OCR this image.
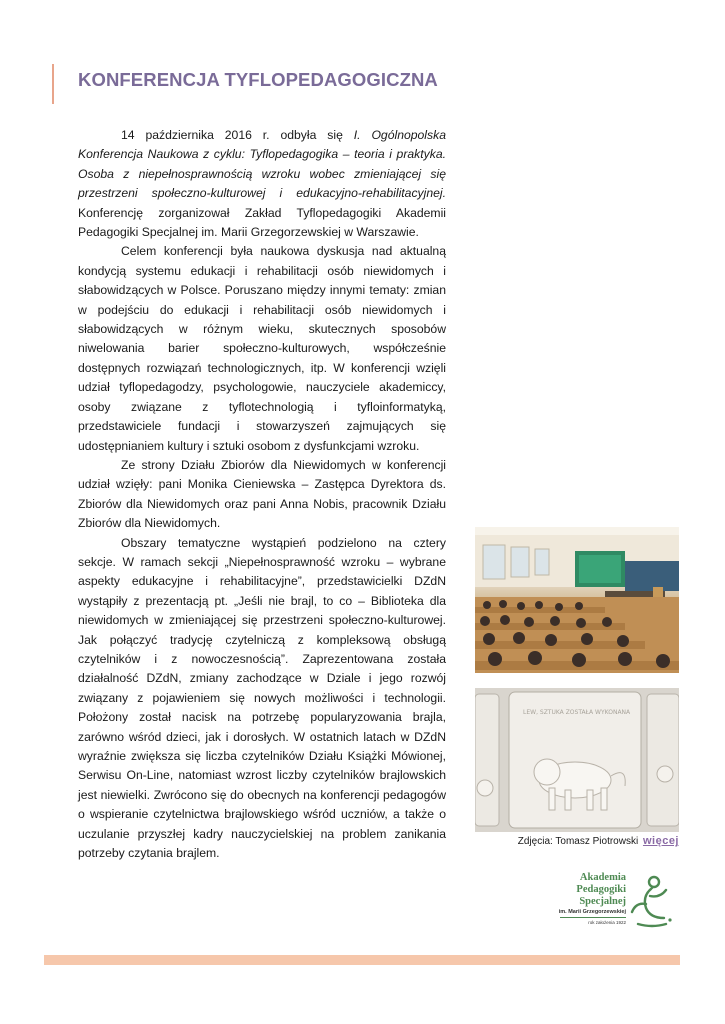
KONFERENCJA TYFLOPEDAGOGICZNA

14 października 2016 r. odbyła się I. Ogólnopolska Konferencja Naukowa z cyklu: Tyflopedagogika – teoria i praktyka. Osoba z niepełnosprawnością wzroku wobec zmieniającej się przestrzeni społeczno-kulturowej i edukacyjno-rehabilitacyjnej. Konferencję zorganizował Zakład Tyflopedagogiki Akademii Pedagogiki Specjalnej im. Marii Grzegorzewskiej w Warszawie.

Celem konferencji była naukowa dyskusja nad aktualną kondycją systemu edukacji i rehabilitacji osób niewidomych i słabowidzących w Polsce. Poruszano między innymi tematy: zmian w podejściu do edukacji i rehabilitacji osób niewidomych i słabowidzących w różnym wieku, skutecznych sposobów niwelowania barier społeczno-kulturowych, współcześnie dostępnych rozwiązań technologicznych, itp. W konferencji wzięli udział tyflopedagodzy, psychologowie, nauczyciele akademiccy, osoby związane z tyflotechnologią i tyfloinformatyką, przedstawiciele fundacji i stowarzyszeń zajmujących się udostępnianiem kultury i sztuki osobom z dysfunkcjami wzroku.

Ze strony Działu Zbiorów dla Niewidomych w konferencji udział wzięły: pani Monika Cieniewska – Zastępca Dyrektora ds. Zbiorów dla Niewidomych oraz pani Anna Nobis, pracownik Działu Zbiorów dla Niewidomych.

Obszary tematyczne wystąpień podzielono na cztery sekcje. W ramach sekcji „Niepełnosprawność wzroku – wybrane aspekty edukacyjne i rehabilitacyjne”, przedstawicielki DZdN wystąpiły z prezentacją pt. „Jeśli nie brajl, to co – Biblioteka dla niewidomych w zmieniającej się przestrzeni społeczno-kulturowej. Jak połączyć tradycję czytelniczą z kompleksową obsługą czytelników i z nowoczesnością”. Zaprezentowana została działalność DZdN, zmiany zachodzące w Dziale i jego rozwój związany z pojawieniem się nowych możliwości i technologii. Położony został nacisk na potrzebę popularyzowania brajla, zarówno wśród dzieci, jak i dorosłych. W ostatnich latach w DZdN wyraźnie zwiększa się liczba czytelników Działu Książki Mówionej, Serwisu On-Line, natomiast wzrost liczby czytelników brajlowskich jest niewielki. Zwrócono się do obecnych na konferencji pedagogów o wspieranie czytelnictwa brajlowskiego wśród uczniów, a także o uczulanie przyszłej kadry nauczycielskiej na problem zanikania potrzeby czytania brajlem.

LEW, SZTUKA ZOSTAŁA WYKONANA
Zdjęcia: Tomasz Piotrowski więcej
Akademia
Pedagogiki
Specjalnej
im. Marii Grzegorzewskiej
rok założenia 1922
